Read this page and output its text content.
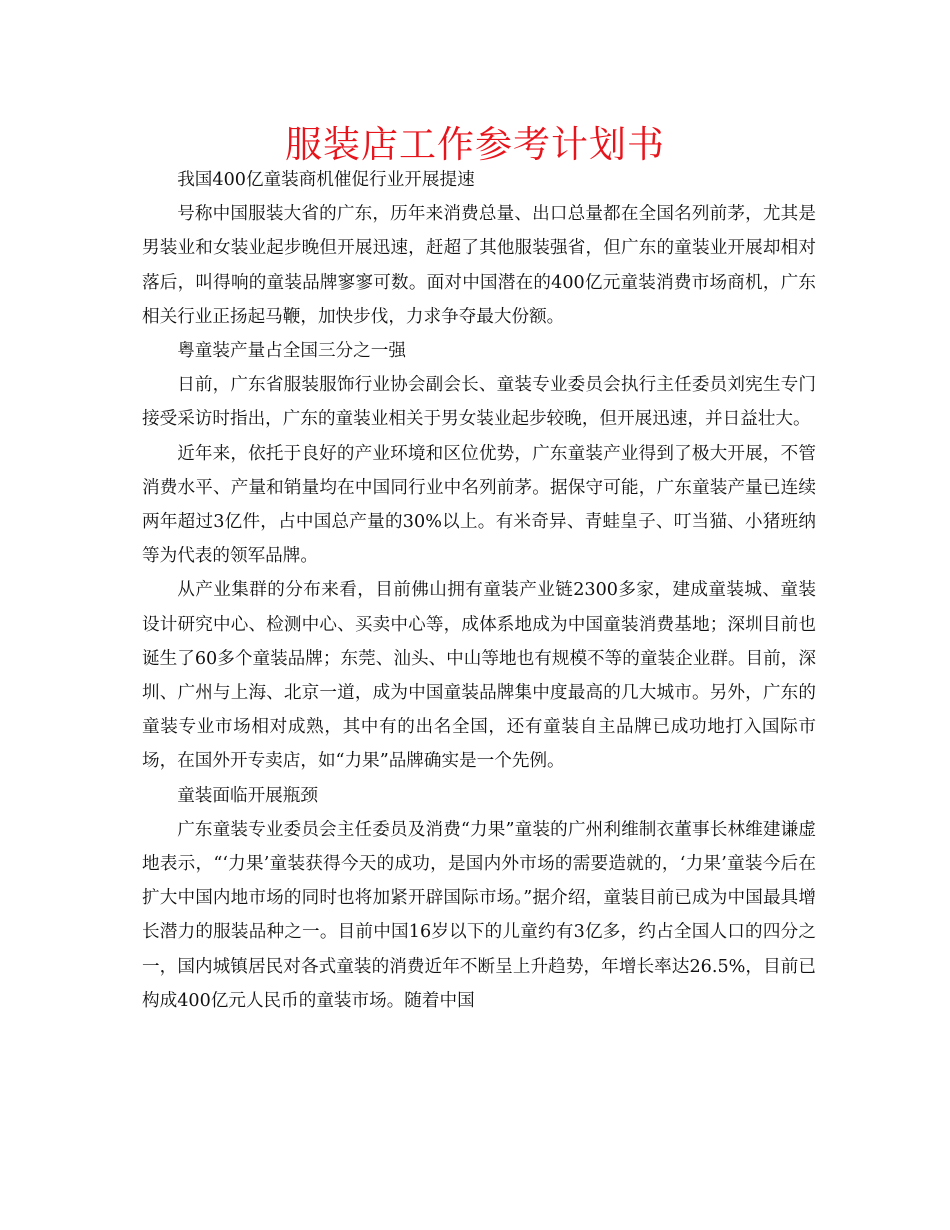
服装店工作参考计划书

我国400亿童装商机催促行业开展提速

号称中国服装大省的广东，历年来消费总量、出口总量都在全国名列前茅，尤其是男装业和女装业起步晚但开展迅速，赶超了其他服装强省，但广东的童装业开展却相对落后，叫得响的童装品牌寥寥可数。面对中国潜在的400亿元童装消费市场商机，广东相关行业正扬起马鞭，加快步伐，力求争夺最大份额。

粤童装产量占全国三分之一强

日前，广东省服装服饰行业协会副会长、童装专业委员会执行主任委员刘宪生专门接受采访时指出，广东的童装业相关于男女装业起步较晚，但开展迅速，并日益壮大。

近年来，依托于良好的产业环境和区位优势，广东童装产业得到了极大开展，不管消费水平、产量和销量均在中国同行业中名列前茅。据保守可能，广东童装产量已连续两年超过3亿件，占中国总产量的30%以上。有米奇异、青蛙皇子、叮当猫、小猪班纳等为代表的领军品牌。

从产业集群的分布来看，目前佛山拥有童装产业链2300多家，建成童装城、童装设计研究中心、检测中心、买卖中心等，成体系地成为中国童装消费基地；深圳目前也诞生了60多个童装品牌；东莞、汕头、中山等地也有规模不等的童装企业群。目前，深圳、广州与上海、北京一道，成为中国童装品牌集中度最高的几大城市。另外，广东的童装专业市场相对成熟，其中有的出名全国，还有童装自主品牌已成功地打入国际市场，在国外开专卖店，如“力果”品牌确实是一个先例。

童装面临开展瓶颈

广东童装专业委员会主任委员及消费“力果”童装的广州利维制衣董事长林维建谦虚地表示，“‘力果’童装获得今天的成功，是国内外市场的需要造就的，‘力果’童装今后在扩大中国内地市场的同时也将加紧开辟国际市场。”据介绍，童装目前已成为中国最具增长潜力的服装品种之一。目前中国16岁以下的儿童约有3亿多，约占全国人口的四分之一，国内城镇居民对各式童装的消费近年不断呈上升趋势，年增长率达26.5%，目前已构成400亿元人民币的童装市场。随着中国
